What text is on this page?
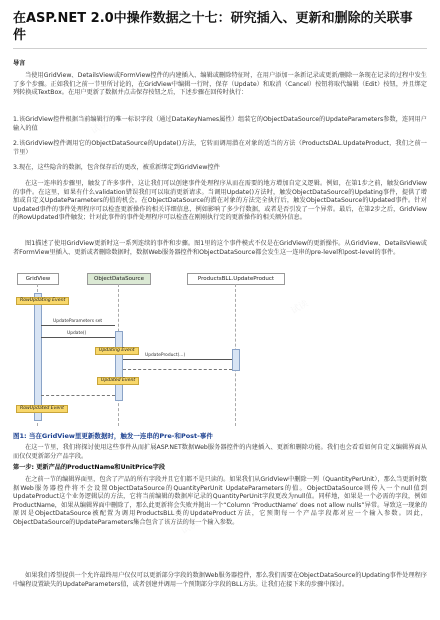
在ASP.NET 2.0中操作数据之十七：研究插入、更新和删除的关联事件

导言

当使用GridView、DetailsView或FormView控件的内建插入、编辑或删除特征时，在用户添加一条新记录或更新/删除一条现在记录的过程中发生了多个步骤。正如我们之前一节里所讨论的，在GridView中编辑一行时，保存（Update）和取消（Cancel）按钮将取代编辑（Edit）按钮，并且绑定列转换成TextBox。在用户更新了数据并点击保存按钮之后，下述步骤在回传时执行：

1.该GridView控件根据当前编辑行的唯一标识字段（通过DataKeyNames属性）组装它的ObjectDataSource的UpdateParameters参数，连同用户输入的值

2.该GridView控件调用它的ObjectDataSource的Update()方法，它转而调用潜在对象的适当的方法（ProductsDAL.UpdateProduct，我们之前一节里）

3.现在，这些隐含的数据，包含保存后的更改，被重新绑定到GridView控件

在这一连串的步骤里，触发了许多事件，这让我们可以创建事件处理程序从而在需要的地方增加自定义逻辑。例如，在第1步之前，触发GridView的事件。在这里，如果有什么validation错误我们可以取消更新请求。当调用Update()方法时，触发ObjectDataSource的Updating事件，提供了增加或自定义UpdateParameters的值的机会。在ObjectDataSource的潜在对象的方法完全执行后，触发ObjectDataSource的Updated事件。针对Updated事件的事件处理程序可以检查更新操作的相关详细信息，例如影响了多少行数据，或者是否引发了一个异常。最后，在第2步之后，GridView的RowUpdated事件触发；针对此事件的事件处理程序可以检查在刚刚执行完的更新操作的相关额外信息。

图1描述了使用GridView更新时这一系列连续的事件和步骤。图1里的这个事件模式不仅是在GridView的更新操作。从GridView、DetailsView或者FormView里插入、更新或者删除数据时，数据Web服务器控件和ObjectDataSource都会发生这一连串的pre-level和post-level的事件。

GridView	ObjectDataSource	ProductsBLL.UpdateProduct
RowUpdating Event
UpdateParameters set
Update()
Updating Event
UpdateProduct(...)
Updated Event
RowUpdated Event
图1: 当在GridView里更新数据时，触发一连串的Pre-和Post-事件

在这一节里，我们将探讨使用这些事件从而扩展ASP.NET数据Web服务器控件的内建插入、更新和删除功能。我们也会看看如何自定义编辑界面从而仅仅更新部分产品字段。

第一步: 更新产品的ProductName和UnitPrice字段

在之前一节的编辑界面里，包含了产品的所有字段并且它们都不是只读的。如果我们从GridView中删除一列（QuantityPerUnit），那么当更新时数据Web服务器控件将不会设置ObjectDataSource的QuantityPerUnit UpdateParameters的值。ObjectDataSource则传入一个null值到UpdateProduct这个业务逻辑层的方法，它将当前编辑的数据库记录的QuantityPerUnit字段更改为null值。同样地，如果是一个必需的字段，例如ProductName，如果从编辑界面中删除了，那么此更新将会失败并抛出一个“Column ‘ProductName’ does not allow nulls”异常。导致这一现象的原因是ObjectDataSource被配置为调用ProductsBLL类的UpdateProduct方法，它预期每一个产品字段都对应一个输入参数。因此，ObjectDataSource的UpdateParameters集合包含了该方法的每一个输入参数。

如果我们希望提供一个允许最终用户仅仅可以更新部分字段的数据Web服务器控件，那么我们需要在ObjectDataSource的Updating事件处理程序中编程设置缺失的UpdateParameters值，或者创建并调用一个预期部分字段的BLL方法。让我们在接下来的步骤中探讨。
